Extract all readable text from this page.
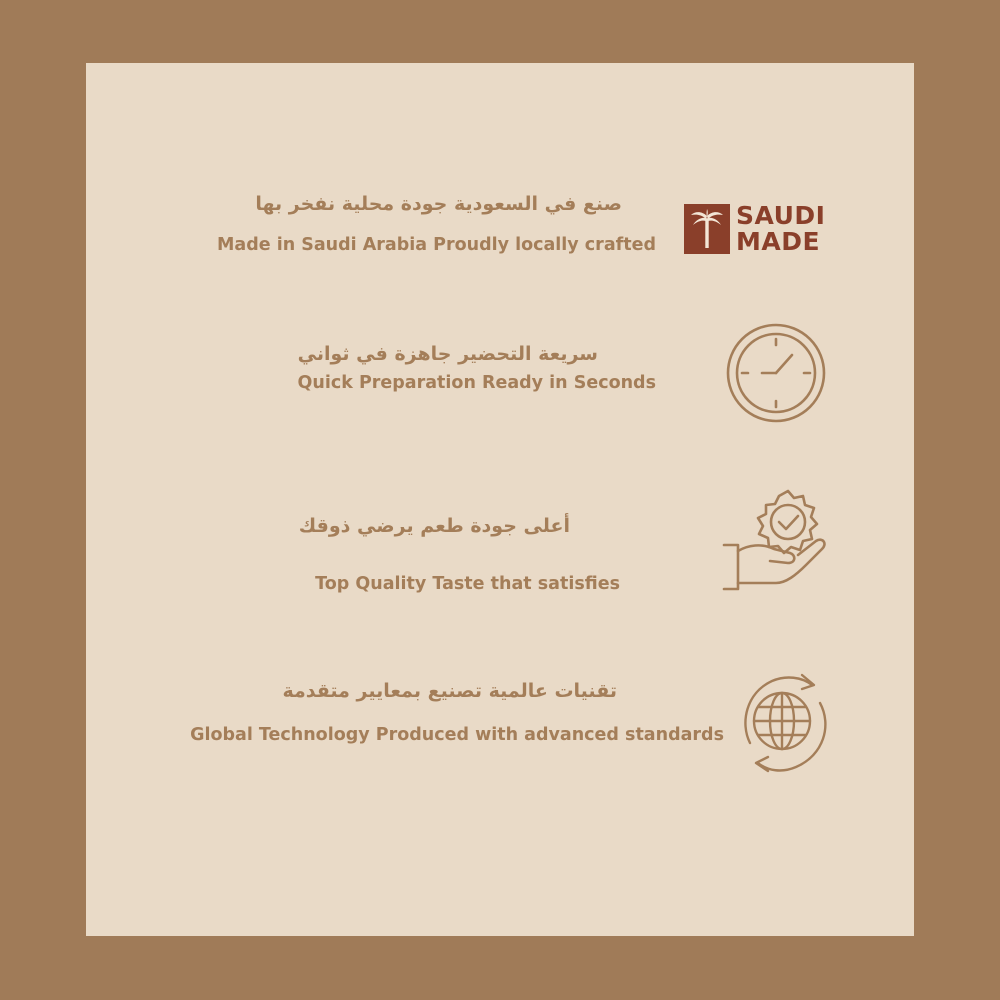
صنع في السعودية جودة محلية نفخر بها
Made in Saudi Arabia Proudly locally crafted
SAUDI
MADE
سريعة التحضير جاهزة في ثواني
Quick Preparation Ready in Seconds
أعلى جودة طعم يرضي ذوقك
Top Quality Taste that satisfies
تقنيات عالمية تصنيع بمعايير متقدمة
Global Technology Produced with advanced standards
